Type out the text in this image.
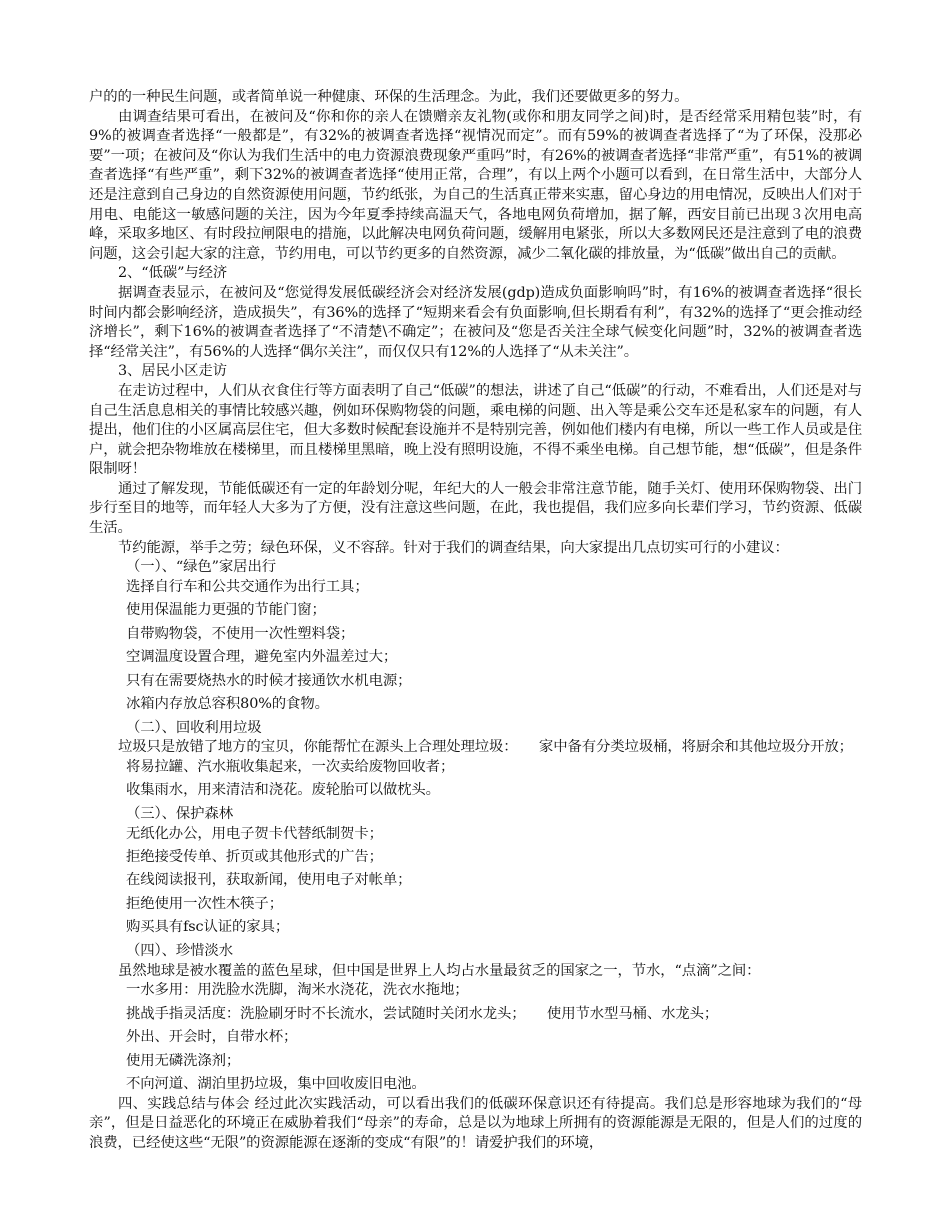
户的的一种民生问题，或者简单说一种健康、环保的生活理念。为此，我们还要做更多的努力。

由调查结果可看出，在被问及“你和你的亲人在馈赠亲友礼物(或你和朋友同学之间)时，是否经常采用精包装”时，有9%的被调查者选择“一般都是”，有32%的被调查者选择“视情况而定”。而有59%的被调查者选择了“为了环保，没那必要”一项；在被问及“你认为我们生活中的电力资源浪费现象严重吗”时，有26%的被调查者选择“非常严重”，有51%的被调查者选择“有些严重”，剩下32%的被调查者选择“使用正常，合理”，有以上两个小题可以看到，在日常生活中，大部分人还是注意到自己身边的自然资源使用问题，节约纸张，为自己的生活真正带来实惠，留心身边的用电情况，反映出人们对于用电、电能这一敏感问题的关注，因为今年夏季持续高温天气，各地电网负荷增加，据了解，西安目前已出现３次用电高峰，采取多地区、有时段拉闸限电的措施，以此解决电网负荷问题，缓解用电紧张，所以大多数网民还是注意到了电的浪费问题，这会引起大家的注意，节约用电，可以节约更多的自然资源，减少二氧化碳的排放量，为“低碳”做出自己的贡献。

2、“低碳”与经济

据调查表显示，在被问及“您觉得发展低碳经济会对经济发展(gdp)造成负面影响吗”时，有16%的被调查者选择“很长时间内都会影响经济，造成损失”，有36%的选择了“短期来看会有负面影响,但长期看有利”，有32%的选择了“更会推动经济增长”，剩下16%的被调查者选择了“不清楚\不确定”；在被问及“您是否关注全球气候变化问题”时，32%的被调查者选择“经常关注”，有56%的人选择“偶尔关注”，而仅仅只有12%的人选择了“从未关注”。

3、居民小区走访

在走访过程中，人们从衣食住行等方面表明了自己“低碳”的想法，讲述了自己“低碳”的行动，不难看出，人们还是对与自己生活息息相关的事情比较感兴趣，例如环保购物袋的问题，乘电梯的问题、出入等是乘公交车还是私家车的问题，有人提出，他们住的小区属高层住宅，但大多数时候配套设施并不是特别完善，例如他们楼内有电梯，所以一些工作人员或是住户，就会把杂物堆放在楼梯里，而且楼梯里黑暗，晚上没有照明设施，不得不乘坐电梯。自己想节能，想“低碳”，但是条件限制呀！

通过了解发现，节能低碳还有一定的年龄划分呢，年纪大的人一般会非常注意节能，随手关灯、使用环保购物袋、出门步行至目的地等，而年轻人大多为了方便，没有注意这些问题，在此，我也提倡，我们应多向长辈们学习，节约资源、低碳生活。

节约能源，举手之劳；绿色环保，义不容辞。针对于我们的调查结果，向大家提出几点切实可行的小建议：

（一）、“绿色”家居出行

选择自行车和公共交通作为出行工具；

使用保温能力更强的节能门窗；

自带购物袋，不使用一次性塑料袋；

空调温度设置合理，避免室内外温差过大；

只有在需要烧热水的时候才接通饮水机电源；

冰箱内存放总容积80%的食物。

（二）、回收利用垃圾

垃圾只是放错了地方的宝贝，你能帮忙在源头上合理处理垃圾：　　家中备有分类垃圾桶，将厨余和其他垃圾分开放；

将易拉罐、汽水瓶收集起来，一次卖给废物回收者；

收集雨水，用来清洁和浇花。废轮胎可以做枕头。

（三）、保护森林

无纸化办公，用电子贺卡代替纸制贺卡；

拒绝接受传单、折页或其他形式的广告；

在线阅读报刊，获取新闻，使用电子对帐单；

拒绝使用一次性木筷子；

购买具有fsc认证的家具；

（四）、珍惜淡水

虽然地球是被水覆盖的蓝色星球，但中国是世界上人均占水量最贫乏的国家之一，节水，“点滴”之间：

一水多用：用洗脸水洗脚，淘米水浇花，洗衣水拖地；

挑战手指灵活度：洗脸刷牙时不长流水，尝试随时关闭水龙头；　　使用节水型马桶、水龙头；

外出、开会时，自带水杯；

使用无磷洗涤剂；

不向河道、湖泊里扔垃圾，集中回收废旧电池。

四、实践总结与体会 经过此次实践活动，可以看出我们的低碳环保意识还有待提高。我们总是形容地球为我们的“母亲”，但是日益恶化的环境正在威胁着我们“母亲”的寿命，总是以为地球上所拥有的资源能源是无限的，但是人们的过度的浪费，已经使这些“无限”的资源能源在逐渐的变成“有限”的！请爱护我们的环境，
